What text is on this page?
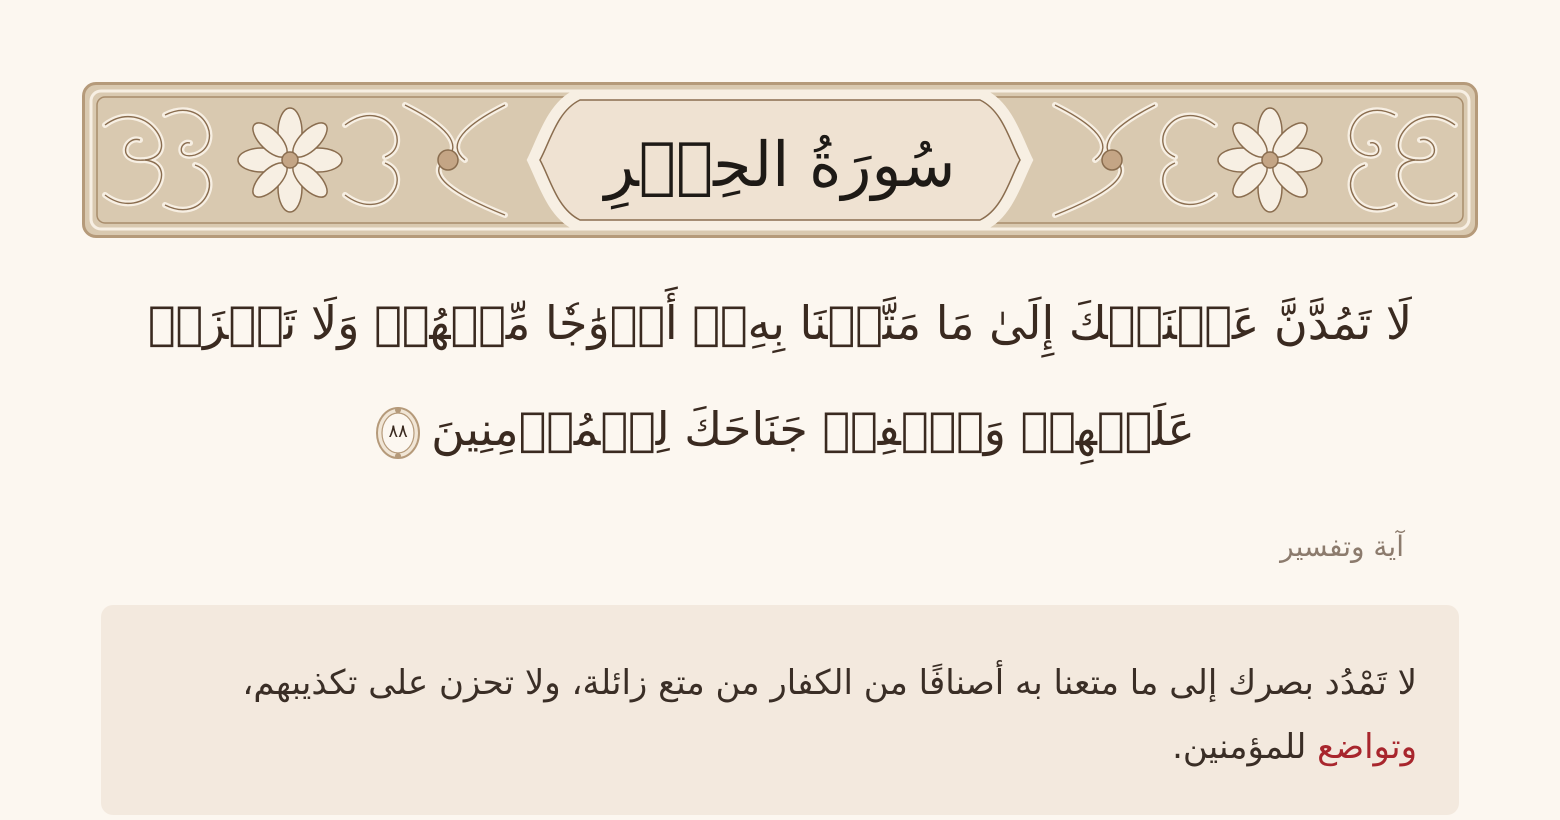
سُورَةُ الحِجۡرِ
لَا تَمُدَّنَّ عَيۡنَيۡكَ إِلَىٰ مَا مَتَّعۡنَا بِهِۦٓ أَزۡوَٰجٗا مِّنۡهُمۡ وَلَا تَحۡزَنۡ عَلَيۡهِمۡ وَٱخۡفِضۡ جَنَاحَكَ لِلۡمُؤۡمِنِينَ
٨٨
آية وتفسير
لا تَمْدُد بصرك إلى ما متعنا به أصنافًا من الكفار من متع زائلة، ولا تحزن على تكذيبهم، وتواضع للمؤمنين.
